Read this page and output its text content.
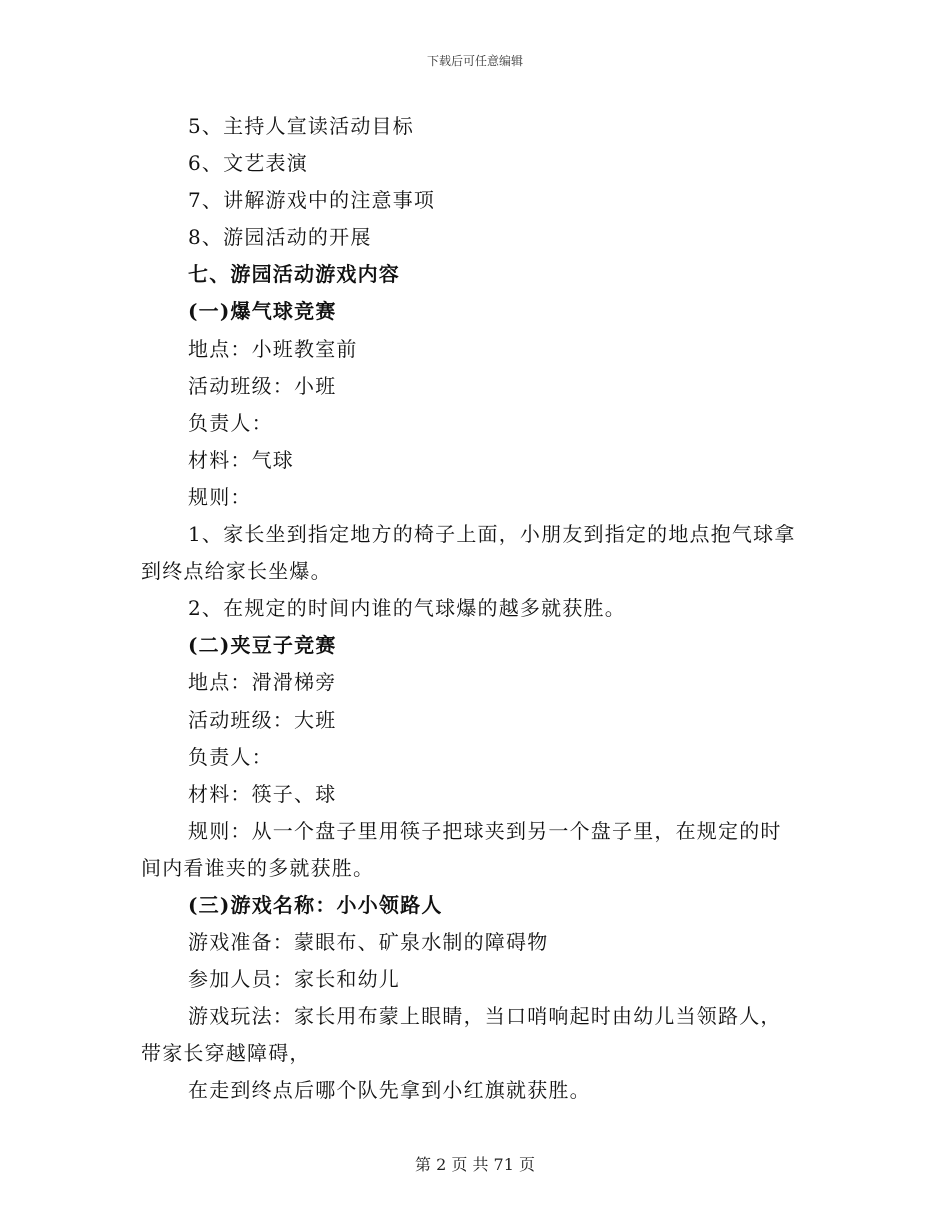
下载后可任意编辑
5、主持人宣读活动目标
6、文艺表演
7、讲解游戏中的注意事项
8、游园活动的开展
七、游园活动游戏内容
(一)爆气球竞赛
地点：小班教室前
活动班级：小班
负责人：
材料：气球
规则：
1、家长坐到指定地方的椅子上面，小朋友到指定的地点抱气球拿
到终点给家长坐爆。
2、在规定的时间内谁的气球爆的越多就获胜。
(二)夹豆子竞赛
地点：滑滑梯旁
活动班级：大班
负责人：
材料：筷子、球
规则：从一个盘子里用筷子把球夹到另一个盘子里，在规定的时
间内看谁夹的多就获胜。
(三)游戏名称：小小领路人
游戏准备：蒙眼布、矿泉水制的障碍物
参加人员：家长和幼儿
游戏玩法：家长用布蒙上眼睛，当口哨响起时由幼儿当领路人，
带家长穿越障碍，
在走到终点后哪个队先拿到小红旗就获胜。
第 2 页 共 71 页
